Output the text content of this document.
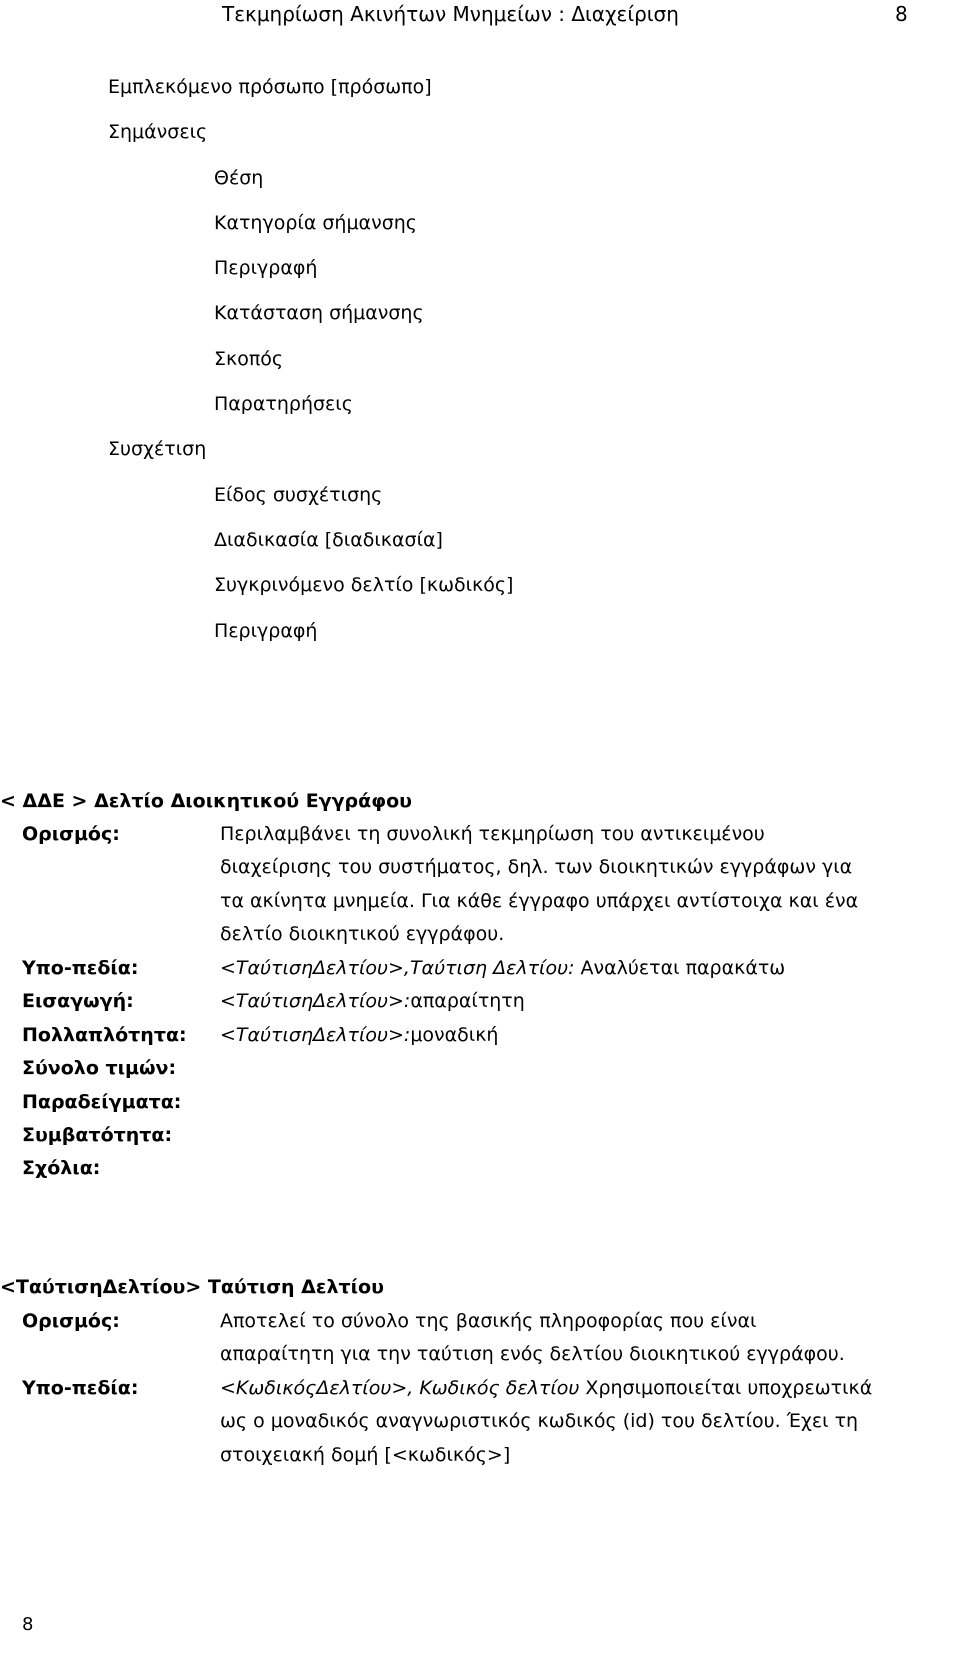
Τεκμηρίωση Ακινήτων Μνημείων : Διαχείριση	8
Εμπλεκόμενο πρόσωπο [πρόσωπο]
Σημάνσεις
Θέση
Κατηγορία σήμανσης
Περιγραφή
Κατάσταση σήμανσης
Σκοπός
Παρατηρήσεις
Συσχέτιση
Είδος συσχέτισης
Διαδικασία [διαδικασία]
Συγκρινόμενο δελτίο [κωδικός]
Περιγραφή
< ΔΔΕ > Δελτίο Διοικητικού Εγγράφου
Ορισμός:	Περιλαμβάνει τη συνολική τεκμηρίωση του αντικειμένου
διαχείρισης του συστήματος, δηλ. των διοικητικών εγγράφων για
τα ακίνητα μνημεία. Για κάθε έγγραφο υπάρχει αντίστοιχα και ένα
δελτίο διοικητικού εγγράφου.
Υπο-πεδία:	<ΤαύτισηΔελτίου>,Ταύτιση Δελτίου: Αναλύεται παρακάτω
Εισαγωγή:	<ΤαύτισηΔελτίου>:απαραίτητη
Πολλαπλότητα: <ΤαύτισηΔελτίου>:μοναδική
Σύνολο τιμών:
Παραδείγματα:
Συμβατότητα:
Σχόλια:
<ΤαύτισηΔελτίου> Ταύτιση Δελτίου
Ορισμός:	Αποτελεί το σύνολο της βασικής πληροφορίας που είναι
απαραίτητη για την ταύτιση ενός δελτίου διοικητικού εγγράφου.
Υπο-πεδία:	<ΚωδικόςΔελτίου>, Κωδικός δελτίου Χρησιμοποιείται υποχρεωτικά
ως ο μοναδικός αναγνωριστικός κωδικός (id) του δελτίου. Έχει τη
στοιχειακή δομή [<κωδικός>]
8
